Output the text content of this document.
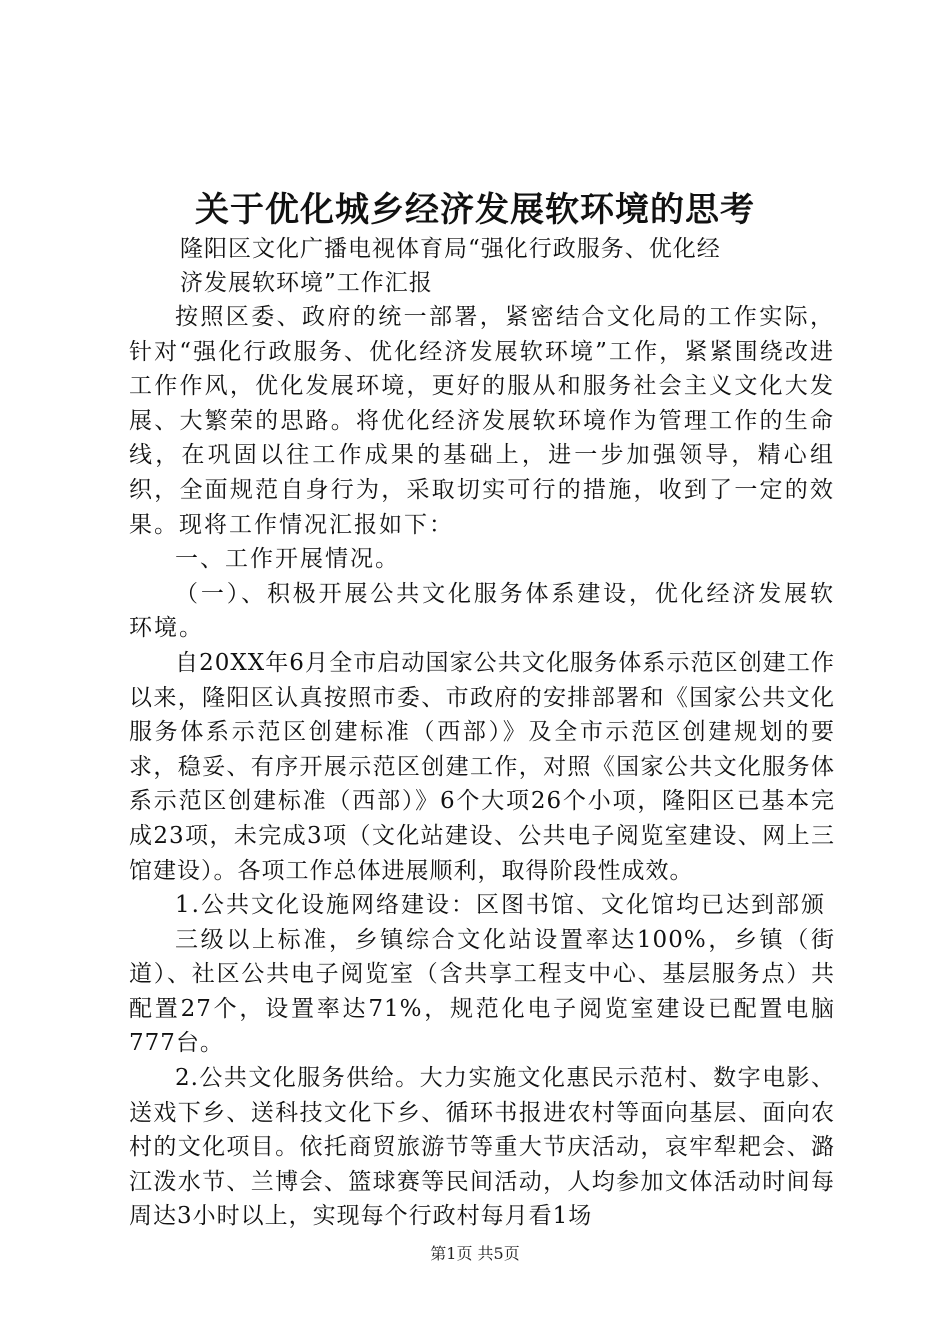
关于优化城乡经济发展软环境的思考
隆阳区文化广播电视体育局“强化行政服务、优化经
济发展软环境”工作汇报

按照区委、政府的统一部署，紧密结合文化局的工作实际，针对“强化行政服务、优化经济发展软环境”工作，紧紧围绕改进工作作风，优化发展环境，更好的服从和服务社会主义文化大发展、大繁荣的思路。将优化经济发展软环境作为管理工作的生命线，在巩固以往工作成果的基础上，进一步加强领导，精心组织，全面规范自身行为，采取切实可行的措施，收到了一定的效果。现将工作情况汇报如下：

一、工作开展情况。

（一）、积极开展公共文化服务体系建设，优化经济发展软环境。

自20XX年6月全市启动国家公共文化服务体系示范区创建工作以来，隆阳区认真按照市委、市政府的安排部署和《国家公共文化服务体系示范区创建标准（西部）》及全市示范区创建规划的要求，稳妥、有序开展示范区创建工作，对照《国家公共文化服务体系示范区创建标准（西部）》6个大项26个小项，隆阳区已基本完成23项，未完成3项（文化站建设、公共电子阅览室建设、网上三馆建设）。各项工作总体进展顺利，取得阶段性成效。

1.公共文化设施网络建设：区图书馆、文化馆均已达到部颁

三级以上标准，乡镇综合文化站设置率达100%，乡镇（街道）、社区公共电子阅览室（含共享工程支中心、基层服务点）共配置27个，设置率达71%，规范化电子阅览室建设已配置电脑777台。

2.公共文化服务供给。大力实施文化惠民示范村、数字电影、送戏下乡、送科技文化下乡、循环书报进农村等面向基层、面向农村的文化项目。依托商贸旅游节等重大节庆活动，哀牢犁耙会、潞江泼水节、兰博会、篮球赛等民间活动，人均参加文体活动时间每周达3小时以上，实现每个行政村每月看1场

第1页 共5页
